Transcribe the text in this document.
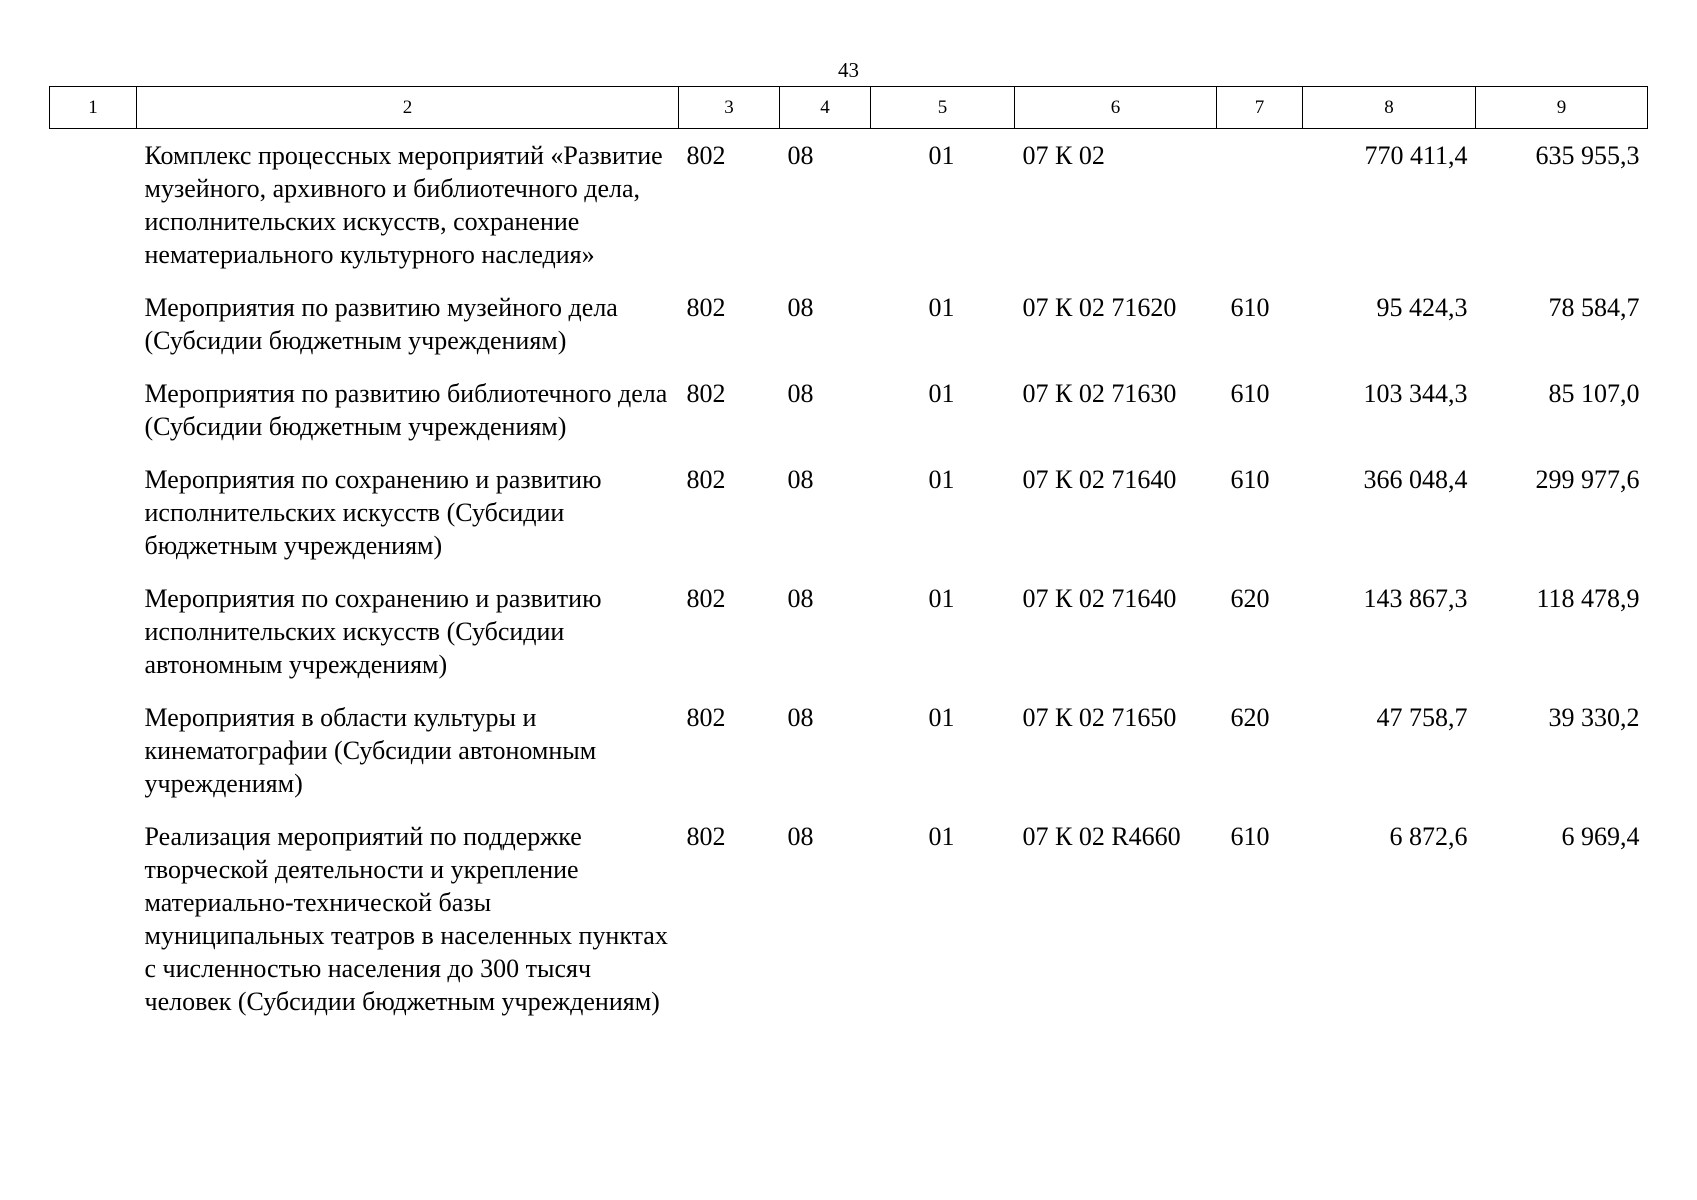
43
1	2	3	4	5	6	7	8	9
Комплекс процессных мероприятий «Развитие музейного, архивного и библиотечного дела, исполнительских искусств, сохранение нематериального культурного наследия»		802	08	01	07 К 02		770 411,4	635 955,3
Мероприятия по развитию музейного дела (Субсидии бюджетным учреждениям)		802	08	01	07 К 02 71620	610	95 424,3	78 584,7
Мероприятия по развитию библиотечного дела (Субсидии бюджетным учреждениям)		802	08	01	07 К 02 71630	610	103 344,3	85 107,0
Мероприятия по сохранению и развитию исполнительских искусств (Субсидии бюджетным учреждениям)		802	08	01	07 К 02 71640	610	366 048,4	299 977,6
Мероприятия по сохранению и развитию исполнительских искусств (Субсидии автономным учреждениям)		802	08	01	07 К 02 71640	620	143 867,3	118 478,9
Мероприятия в области культуры и кинематографии (Субсидии автономным учреждениям)		802	08	01	07 К 02 71650	620	47 758,7	39 330,2
Реализация мероприятий по поддержке творческой деятельности и укрепление материально-технической базы муниципальных театров в населенных пунктах с численностью населения до 300 тысяч человек (Субсидии бюджетным учреждениям)		802	08	01	07 К 02 R4660	610	6 872,6	6 969,4
